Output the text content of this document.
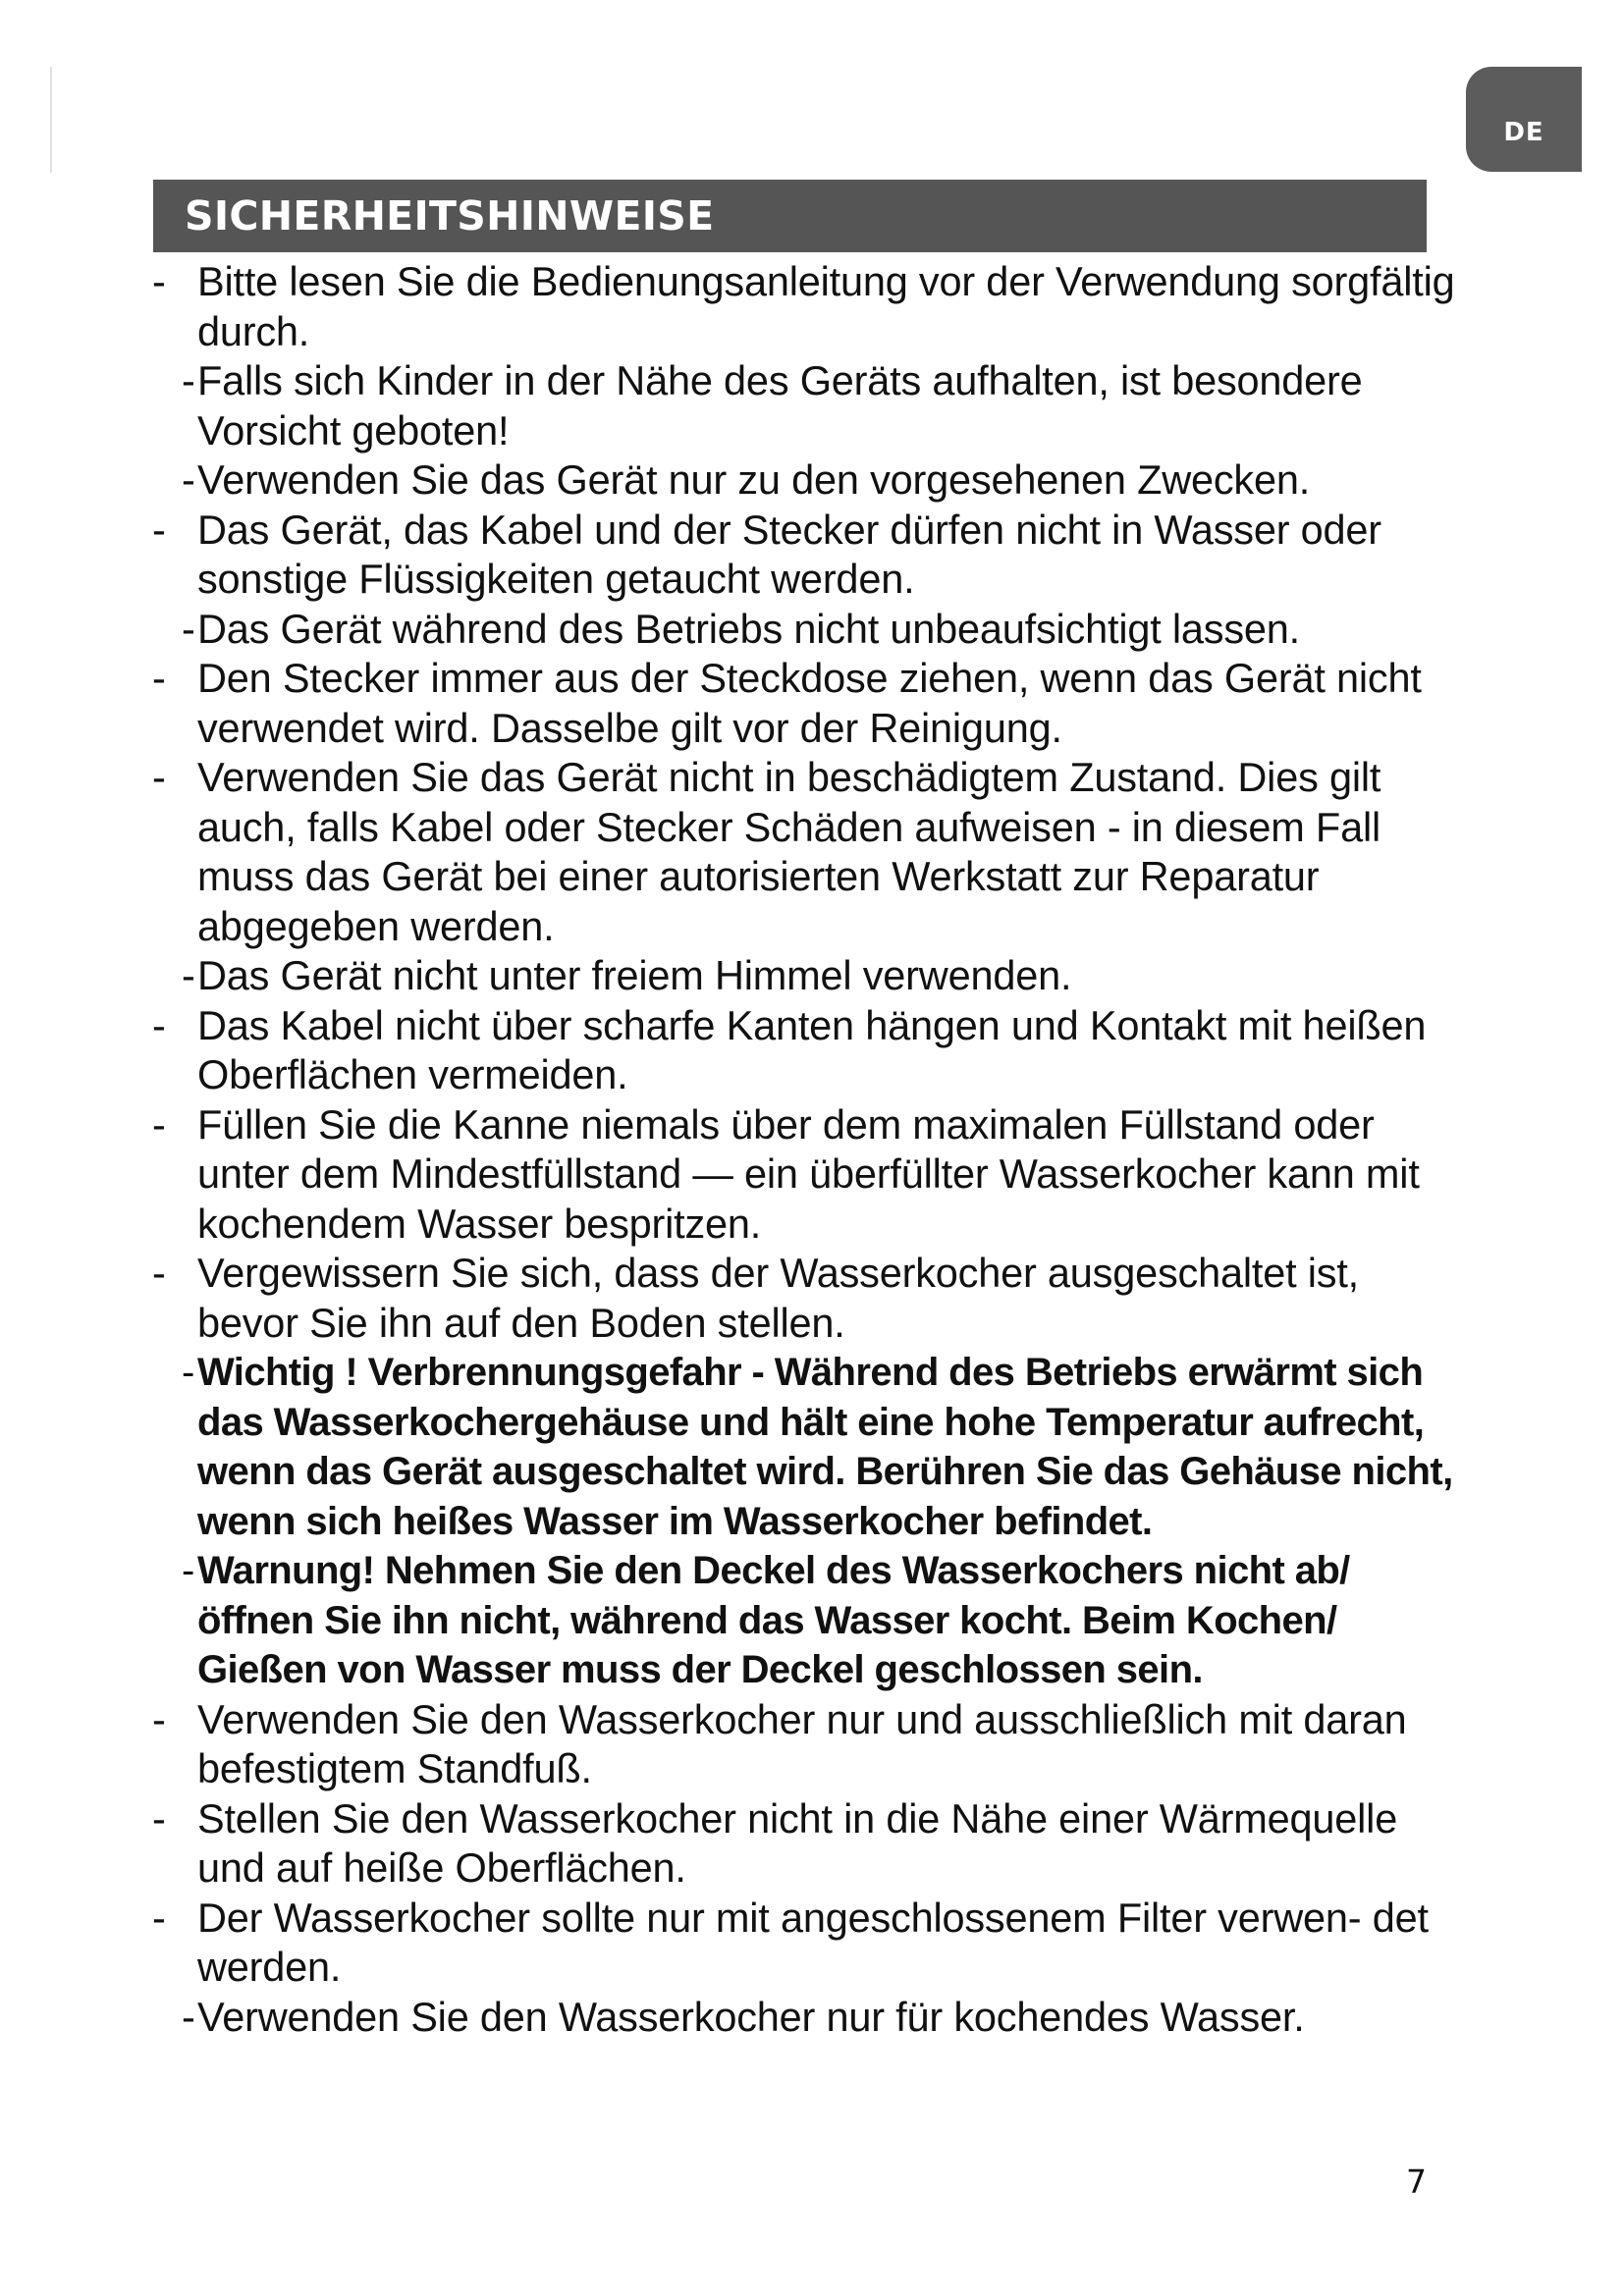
DE
SICHERHEITSHINWEISE
- Bitte lesen Sie die Bedienungsanleitung vor der Verwendung sorgfältig durch.
- Falls sich Kinder in der Nähe des Geräts aufhalten, ist besondere Vorsicht geboten!
- Verwenden Sie das Gerät nur zu den vorgesehenen Zwecken.
- Das Gerät, das Kabel und der Stecker dürfen nicht in Wasser oder sonstige Flüssigkeiten getaucht werden.
- Das Gerät während des Betriebs nicht unbeaufsichtigt lassen.
- Den Stecker immer aus der Steckdose ziehen, wenn das Gerät nicht verwendet wird. Dasselbe gilt vor der Reinigung.
- Verwenden Sie das Gerät nicht in beschädigtem Zustand. Dies gilt auch, falls Kabel oder Stecker Schäden aufweisen - in diesem Fall muss das Gerät bei einer autorisierten Werkstatt zur Reparatur abgegeben werden.
- Das Gerät nicht unter freiem Himmel verwenden.
- Das Kabel nicht über scharfe Kanten hängen und Kontakt mit heißen Oberflächen vermeiden.
- Füllen Sie die Kanne niemals über dem maximalen Füllstand oder unter dem Mindestfüllstand — ein überfüllter Wasserkocher kann mit kochendem Wasser bespritzen.
- Vergewissern Sie sich, dass der Wasserkocher ausgeschaltet ist, bevor Sie ihn auf den Boden stellen.
- Wichtig ! Verbrennungsgefahr - Während des Betriebs erwärmt sich das Wasserkochergehäuse und hält eine hohe Temperatur aufrecht, wenn das Gerät ausgeschaltet wird. Berühren Sie das Gehäuse nicht, wenn sich heißes Wasser im Wasserkocher befindet.
- Warnung! Nehmen Sie den Deckel des Wasserkochers nicht ab/ öffnen Sie ihn nicht, während das Wasser kocht. Beim Kochen/ Gießen von Wasser muss der Deckel geschlossen sein.
- Verwenden Sie den Wasserkocher nur und ausschließlich mit daran befestigtem Standfuß.
- Stellen Sie den Wasserkocher nicht in die Nähe einer Wärmequelle und auf heiße Oberflächen.
- Der Wasserkocher sollte nur mit angeschlossenem Filter verwen- det werden.
- Verwenden Sie den Wasserkocher nur für kochendes Wasser.
7
